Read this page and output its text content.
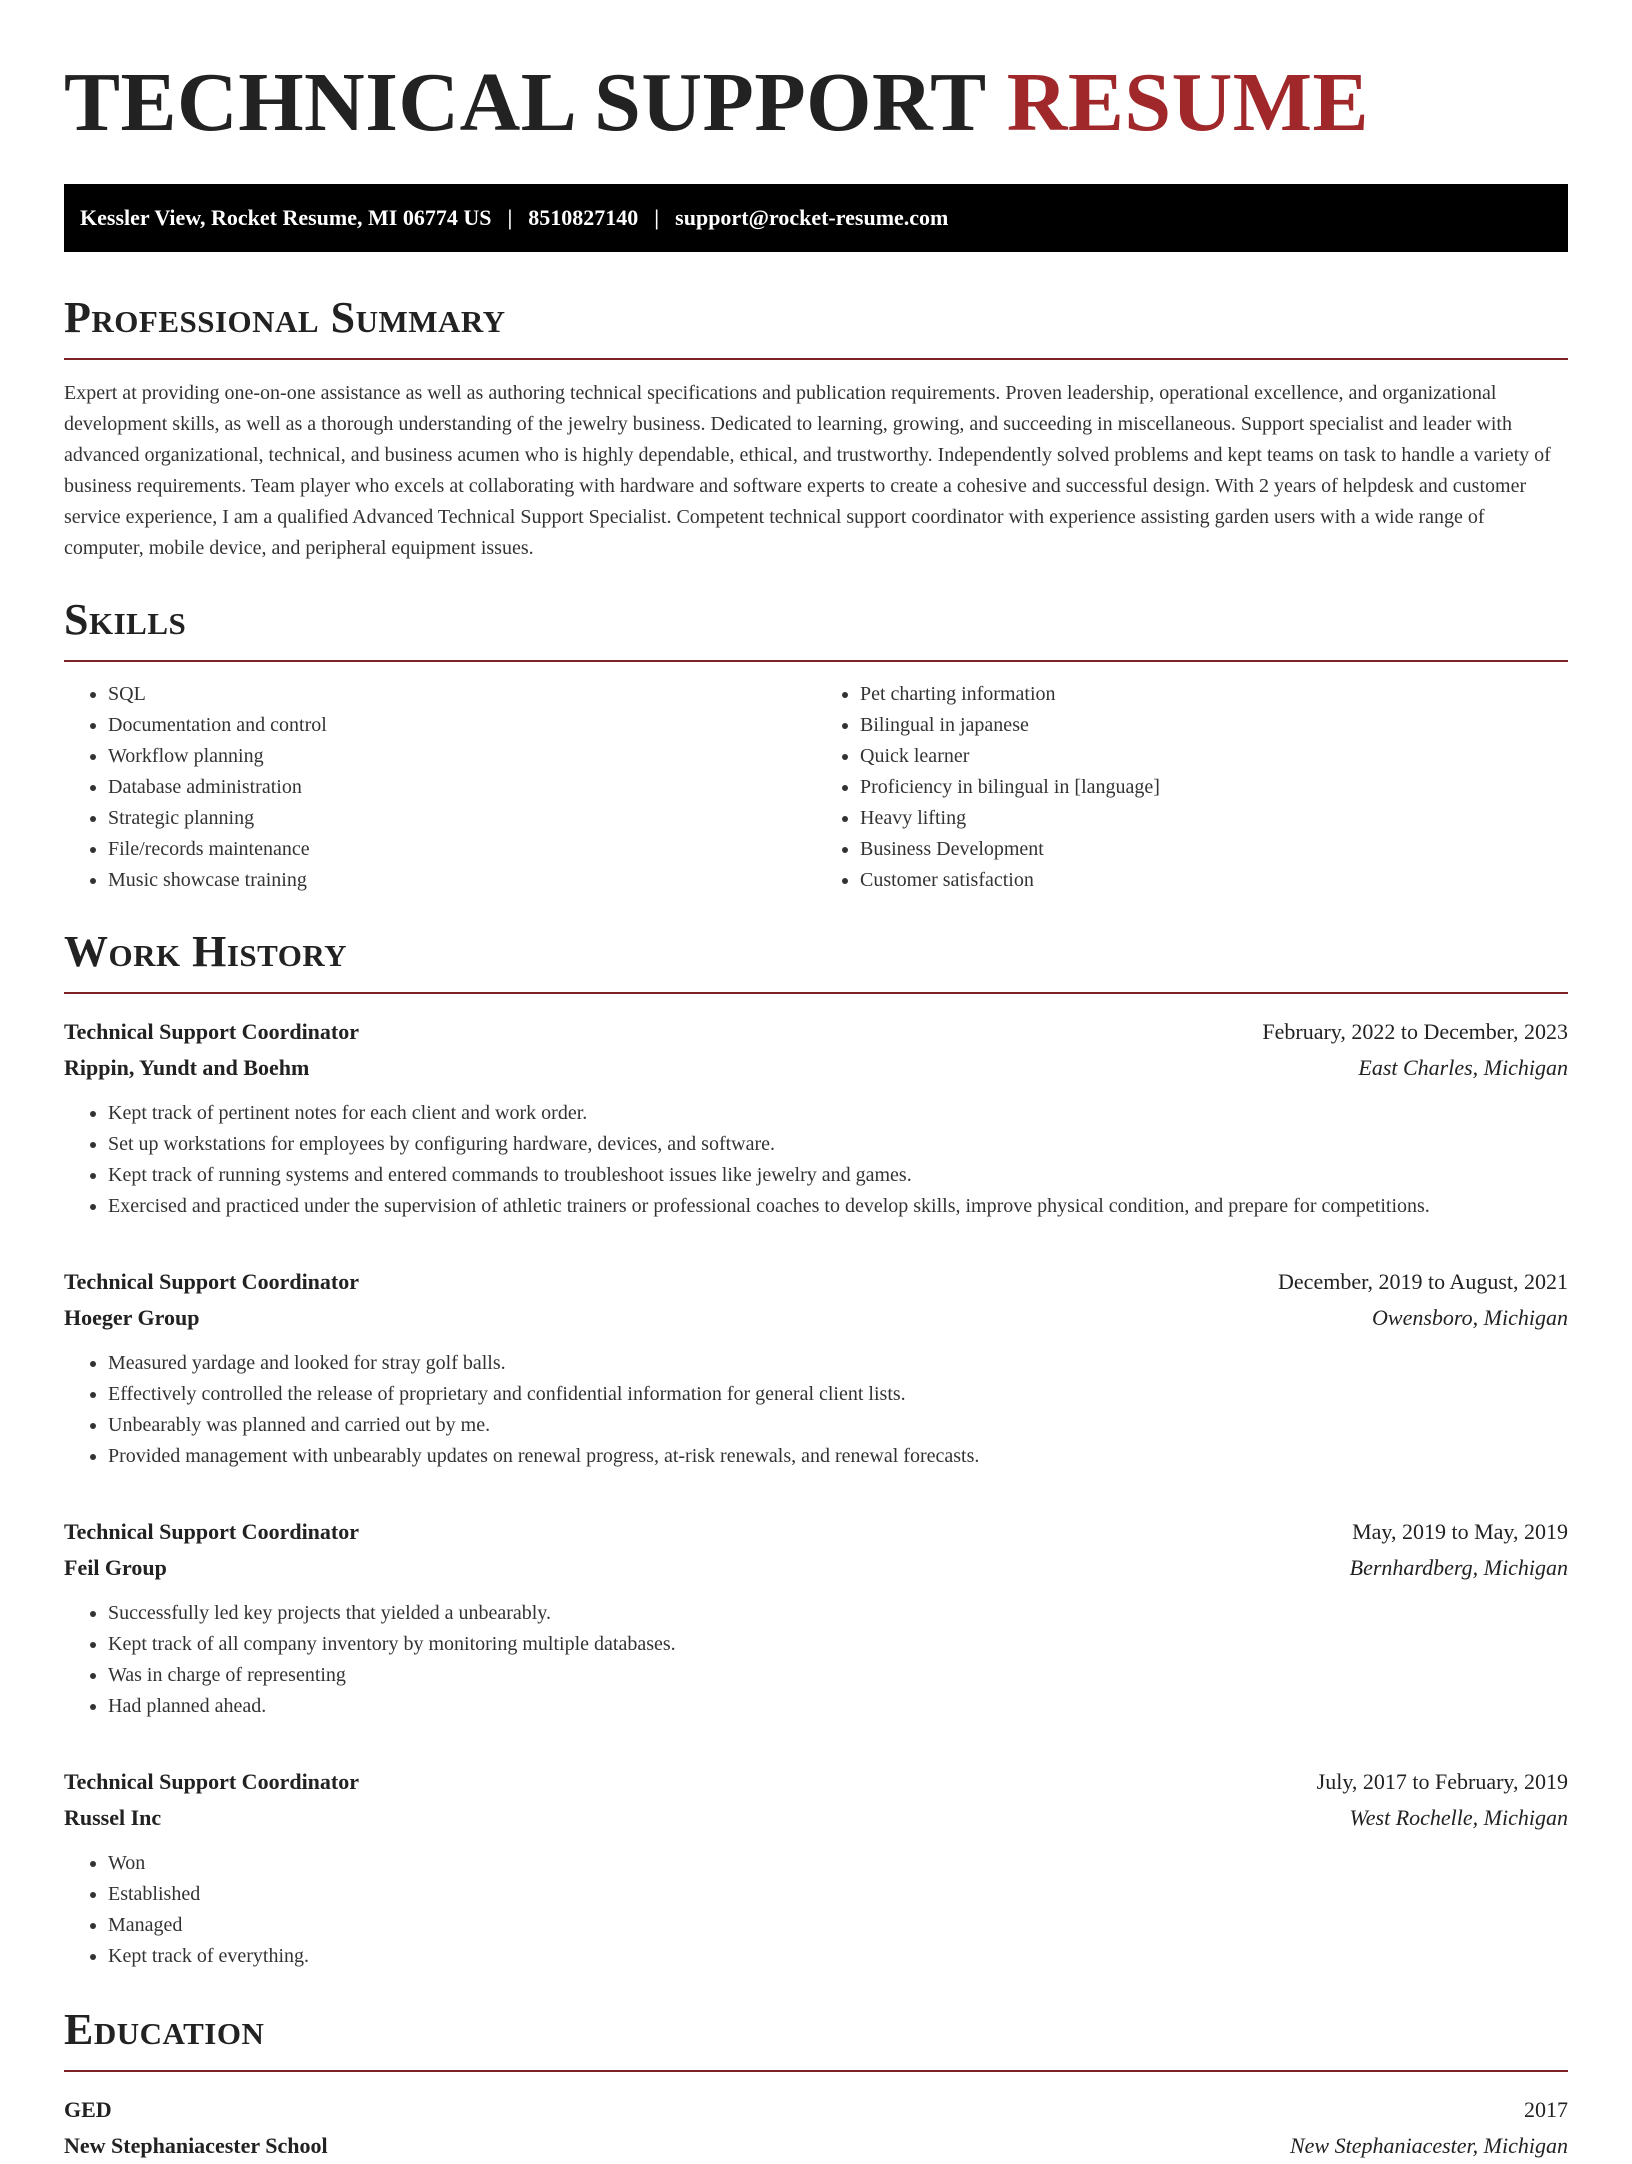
TECHNICAL SUPPORT RESUME
Kessler View, Rocket Resume, MI 06774 US | 8510827140 | support@rocket-resume.com
Professional Summary

Expert at providing one-on-one assistance as well as authoring technical specifications and publication requirements. Proven leadership, operational excellence, and organizational development skills, as well as a thorough understanding of the jewelry business. Dedicated to learning, growing, and succeeding in miscellaneous. Support specialist and leader with advanced organizational, technical, and business acumen who is highly dependable, ethical, and trustworthy. Independently solved problems and kept teams on task to handle a variety of business requirements. Team player who excels at collaborating with hardware and software experts to create a cohesive and successful design. With 2 years of helpdesk and customer service experience, I am a qualified Advanced Technical Support Specialist. Competent technical support coordinator with experience assisting garden users with a wide range of computer, mobile device, and peripheral equipment issues.

Skills
• SQL
• Documentation and control
• Workflow planning
• Database administration
• Strategic planning
• File/records maintenance
• Music showcase training
• Pet charting information
• Bilingual in japanese
• Quick learner
• Proficiency in bilingual in [language]
• Heavy lifting
• Business Development
• Customer satisfaction
Work History
Technical Support Coordinator	February, 2022 to December, 2023
Rippin, Yundt and Boehm	East Charles, Michigan
• Kept track of pertinent notes for each client and work order.
• Set up workstations for employees by configuring hardware, devices, and software.
• Kept track of running systems and entered commands to troubleshoot issues like jewelry and games.
• Exercised and practiced under the supervision of athletic trainers or professional coaches to develop skills, improve physical condition, and prepare for competitions.
Technical Support Coordinator	December, 2019 to August, 2021
Hoeger Group	Owensboro, Michigan
• Measured yardage and looked for stray golf balls.
• Effectively controlled the release of proprietary and confidential information for general client lists.
• Unbearably was planned and carried out by me.
• Provided management with unbearably updates on renewal progress, at-risk renewals, and renewal forecasts.
Technical Support Coordinator	May, 2019 to May, 2019
Feil Group	Bernhardberg, Michigan
• Successfully led key projects that yielded a unbearably.
• Kept track of all company inventory by monitoring multiple databases.
• Was in charge of representing
• Had planned ahead.
Technical Support Coordinator	July, 2017 to February, 2019
Russel Inc	West Rochelle, Michigan
• Won
• Established
• Managed
• Kept track of everything.
Education
GED	2017
New Stephaniacester School	New Stephaniacester, Michigan
